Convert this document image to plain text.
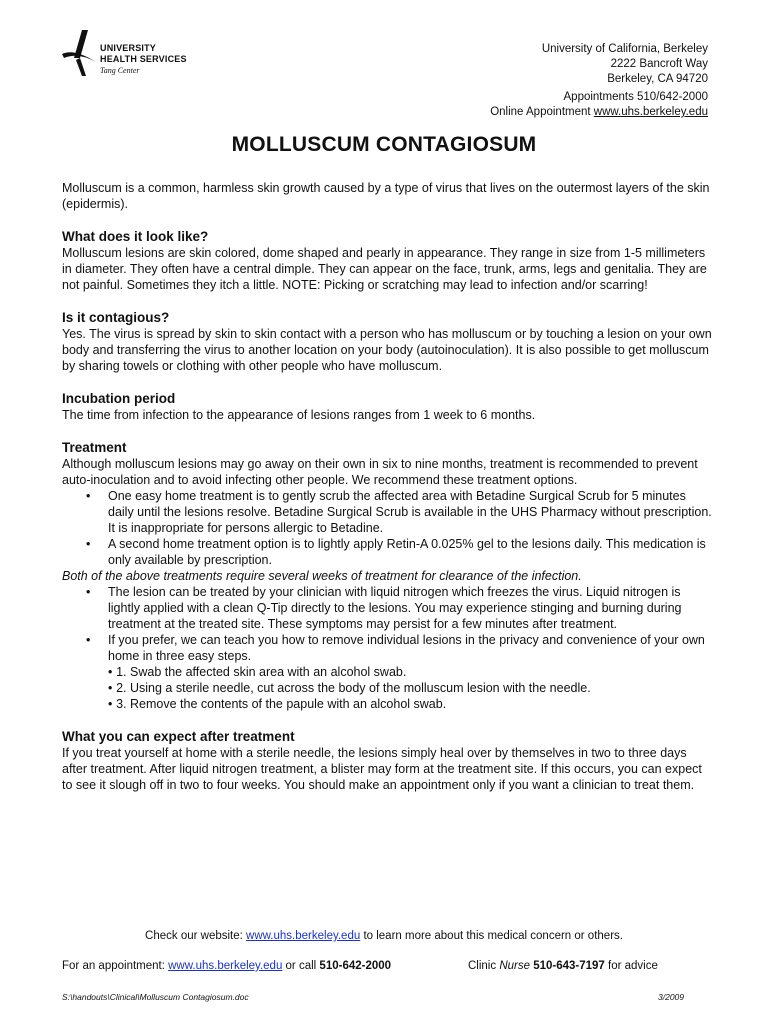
UNIVERSITY
HEALTH SERVICES
Tang Center
University of California, Berkeley
2222 Bancroft Way
Berkeley, CA 94720
Appointments 510/642-2000
Online Appointment www.uhs.berkeley.edu
MOLLUSCUM CONTAGIOSUM

Molluscum is a common, harmless skin growth caused by a type of virus that lives on the outermost layers of the skin (epidermis).

What does it look like?

Molluscum lesions are skin colored, dome shaped and pearly in appearance. They range in size from 1-5 millimeters in diameter. They often have a central dimple. They can appear on the face, trunk, arms, legs and genitalia. They are not painful. Sometimes they itch a little. NOTE: Picking or scratching may lead to infection and/or scarring!

Is it contagious?

Yes. The virus is spread by skin to skin contact with a person who has molluscum or by touching a lesion on your own body and transferring the virus to another location on your body (autoinoculation). It is also possible to get molluscum by sharing towels or clothing with other people who have molluscum.

Incubation period

The time from infection to the appearance of lesions ranges from 1 week to 6 months.

Treatment

Although molluscum lesions may go away on their own in six to nine months, treatment is recommended to prevent auto-inoculation and to avoid infecting other people. We recommend these treatment options.

• One easy home treatment is to gently scrub the affected area with Betadine Surgical Scrub for 5 minutes daily until the lesions resolve. Betadine Surgical Scrub is available in the UHS Pharmacy without prescription. It is inappropriate for persons allergic to Betadine.
• A second home treatment option is to lightly apply Retin-A 0.025% gel to the lesions daily. This medication is only available by prescription.

Both of the above treatments require several weeks of treatment for clearance of the infection.

• The lesion can be treated by your clinician with liquid nitrogen which freezes the virus. Liquid nitrogen is lightly applied with a clean Q-Tip directly to the lesions. You may experience stinging and burning during treatment at the treated site. These symptoms may persist for a few minutes after treatment.
• If you prefer, we can teach you how to remove individual lesions in the privacy and convenience of your own home in three easy steps.
• 1. Swab the affected skin area with an alcohol swab.
• 2. Using a sterile needle, cut across the body of the molluscum lesion with the needle.
• 3. Remove the contents of the papule with an alcohol swab.
What you can expect after treatment

If you treat yourself at home with a sterile needle, the lesions simply heal over by themselves in two to three days after treatment. After liquid nitrogen treatment, a blister may form at the treatment site. If this occurs, you can expect to see it slough off in two to four weeks. You should make an appointment only if you want a clinician to treat them.

Check our website: www.uhs.berkeley.edu to learn more about this medical concern or others.
For an appointment: www.uhs.berkeley.edu or call 510-642-2000	Clinic Nurse 510-643-7197 for advice
S:\handouts\Clinical\Molluscum Contagiosum.doc	3/2009
